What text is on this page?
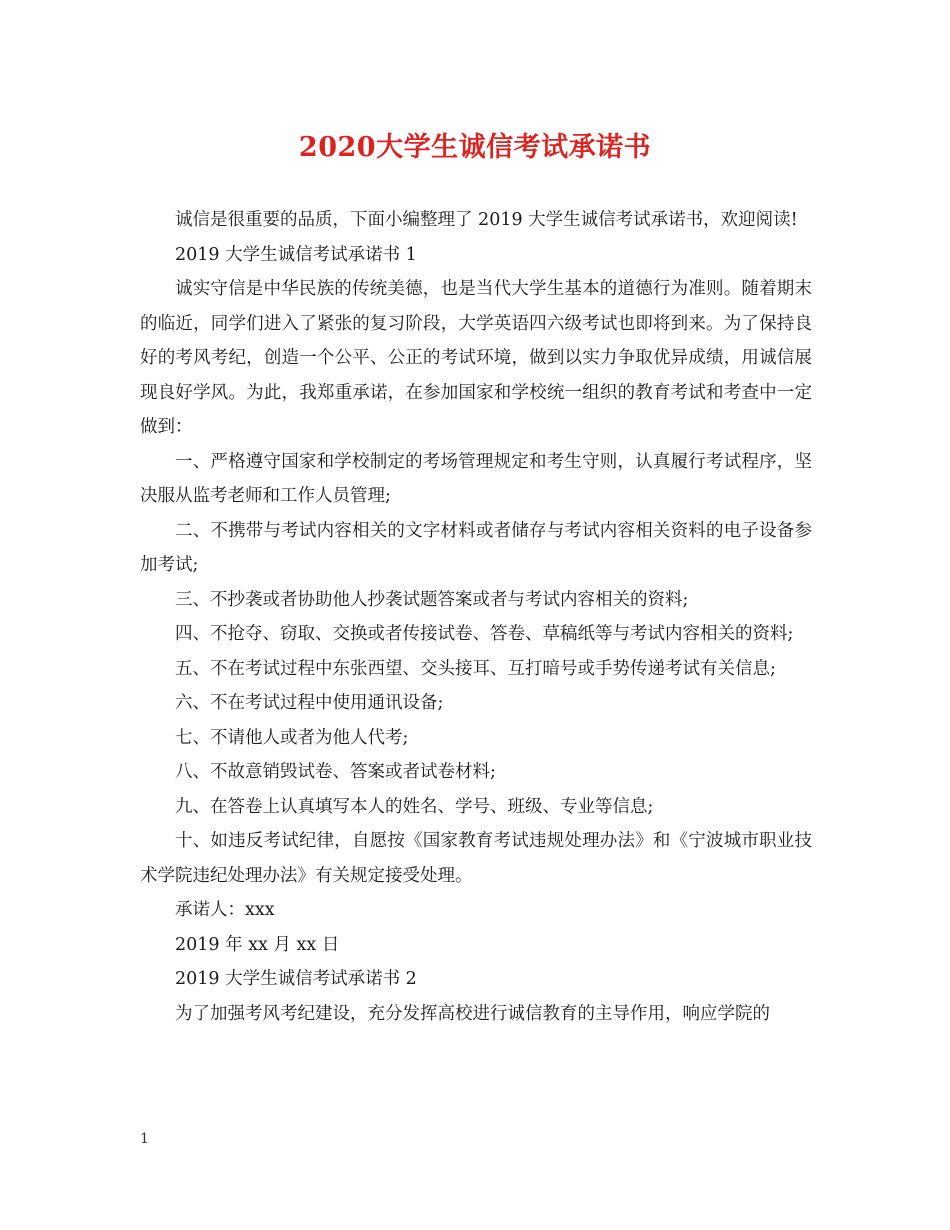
2020大学生诚信考试承诺书

诚信是很重要的品质，下面小编整理了 2019 大学生诚信考试承诺书，欢迎阅读!

2019 大学生诚信考试承诺书 1

诚实守信是中华民族的传统美德，也是当代大学生基本的道德行为准则。随着期末的临近，同学们进入了紧张的复习阶段，大学英语四六级考试也即将到来。为了保持良好的考风考纪，创造一个公平、公正的考试环境，做到以实力争取优异成绩，用诚信展现良好学风。为此，我郑重承诺，在参加国家和学校统一组织的教育考试和考查中一定做到：

一、严格遵守国家和学校制定的考场管理规定和考生守则，认真履行考试程序，坚决服从监考老师和工作人员管理;

二、不携带与考试内容相关的文字材料或者储存与考试内容相关资料的电子设备参加考试;

三、不抄袭或者协助他人抄袭试题答案或者与考试内容相关的资料;

四、不抢夺、窃取、交换或者传接试卷、答卷、草稿纸等与考试内容相关的资料;

五、不在考试过程中东张西望、交头接耳、互打暗号或手势传递考试有关信息;

六、不在考试过程中使用通讯设备;

七、不请他人或者为他人代考;

八、不故意销毁试卷、答案或者试卷材料;

九、在答卷上认真填写本人的姓名、学号、班级、专业等信息;

十、如违反考试纪律，自愿按《国家教育考试违规处理办法》和《宁波城市职业技术学院违纪处理办法》有关规定接受处理。

承诺人：xxx

2019 年 xx 月 xx 日

2019 大学生诚信考试承诺书 2

为了加强考风考纪建设，充分发挥高校进行诚信教育的主导作用，响应学院的

1
